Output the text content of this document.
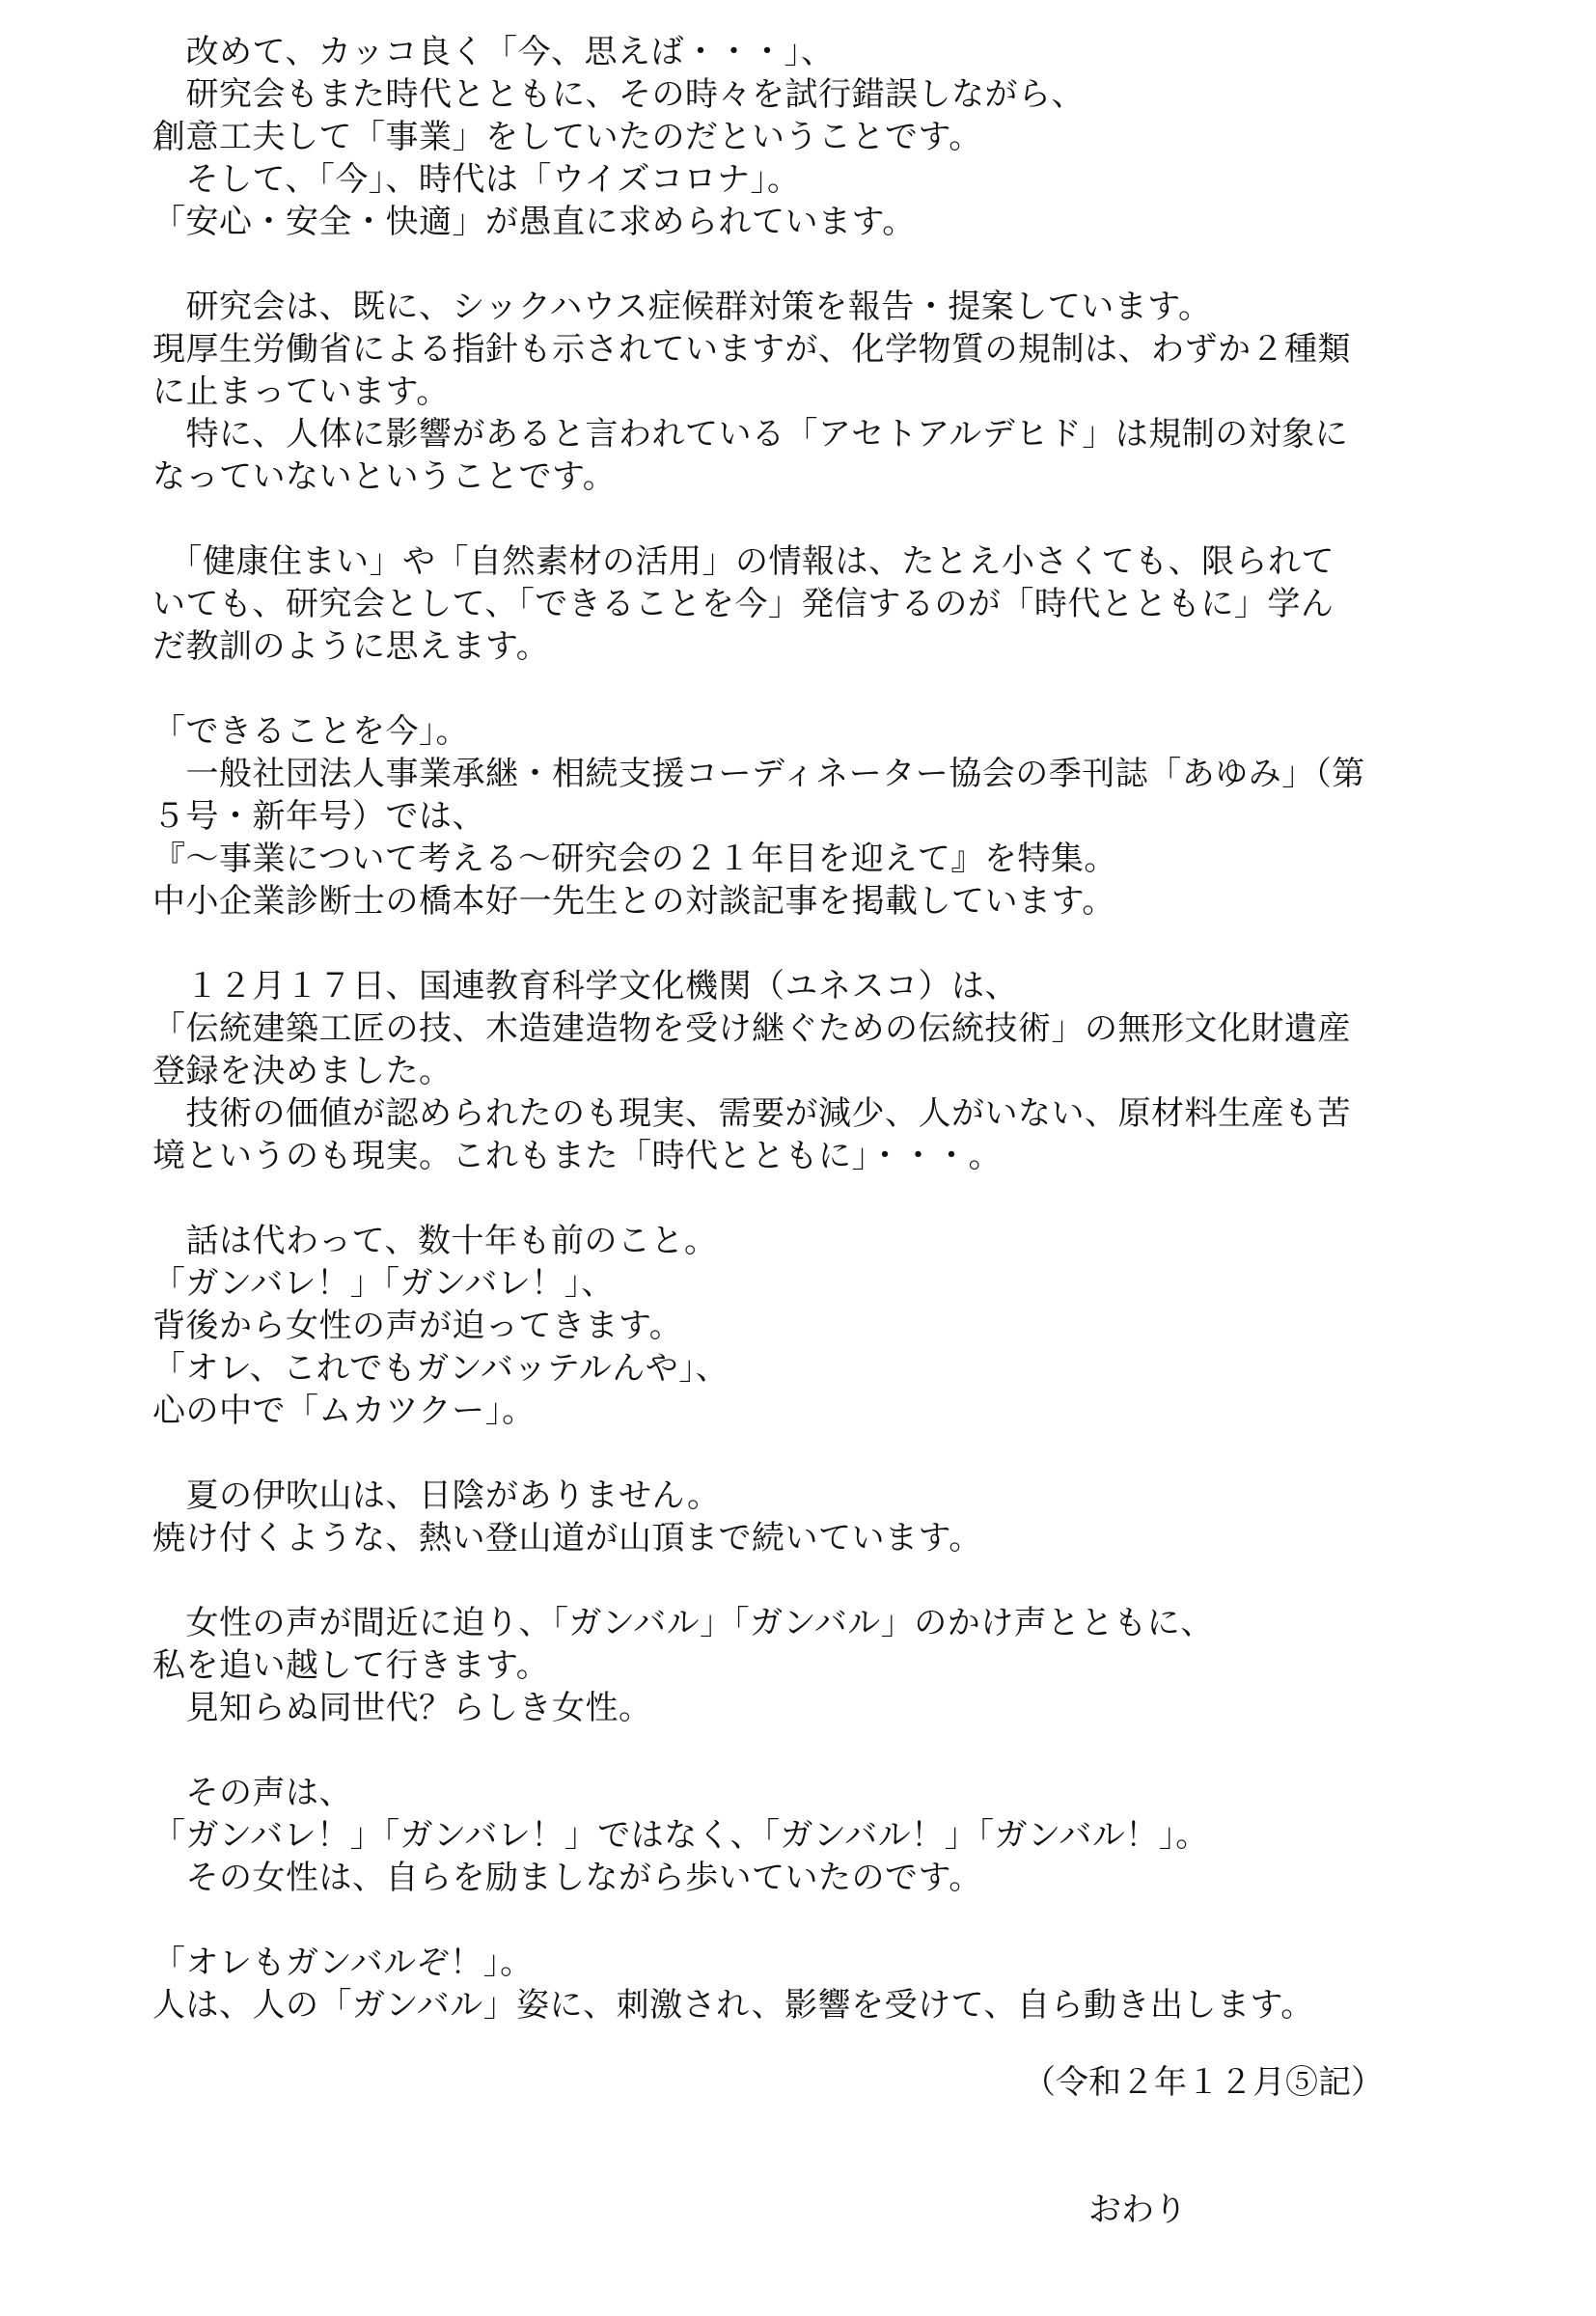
　改めて、カッコ良く「今、思えば・・・」、
　研究会もまた時代とともに、その時々を試行錯誤しながら、
創意工夫して「事業」をしていたのだということです。
　そして、「今」、時代は「ウイズコロナ」。
「安心・安全・快適」が愚直に求められています。
　研究会は、既に、シックハウス症候群対策を報告・提案しています。
現厚生労働省による指針も示されていますが、化学物質の規制は、わずか２種類
に止まっています。
　特に、人体に影響があると言われている「アセトアルデヒド」は規制の対象に
なっていないということです。
　「健康住まい」や「自然素材の活用」の情報は、たとえ小さくても、限られて
いても、研究会として、「できることを今」発信するのが「時代とともに」学ん
だ教訓のように思えます。
「できることを今」。
　一般社団法人事業承継・相続支援コーディネーター協会の季刊誌「あゆみ」（第
５号・新年号）では、
『～事業について考える～研究会の２１年目を迎えて』を特集。
中小企業診断士の橋本好一先生との対談記事を掲載しています。
　１２月１７日、国連教育科学文化機関（ユネスコ）は、
「伝統建築工匠の技、木造建造物を受け継ぐための伝統技術」の無形文化財遺産
登録を決めました。
　技術の価値が認められたのも現実、需要が減少、人がいない、原材料生産も苦
境というのも現実。これもまた「時代とともに」・・・。
　話は代わって、数十年も前のこと。
「ガンバレ！」「ガンバレ！」、
背後から女性の声が迫ってきます。
「オレ、これでもガンバッテルんや」、
心の中で「ムカツクー」。
　夏の伊吹山は、日陰がありません。
焼け付くような、熱い登山道が山頂まで続いています。
　女性の声が間近に迫り、「ガンバル」「ガンバル」のかけ声とともに、
私を追い越して行きます。
　見知らぬ同世代？らしき女性。
　その声は、
「ガンバレ！」「ガンバレ！」ではなく、「ガンバル！」「ガンバル！」。
　その女性は、自らを励ましながら歩いていたのです。
「オレもガンバルぞ！」。
人は、人の「ガンバル」姿に、刺激され、影響を受けて、自ら動き出します。

（令和２年１２月⑤記）

　　おわり
